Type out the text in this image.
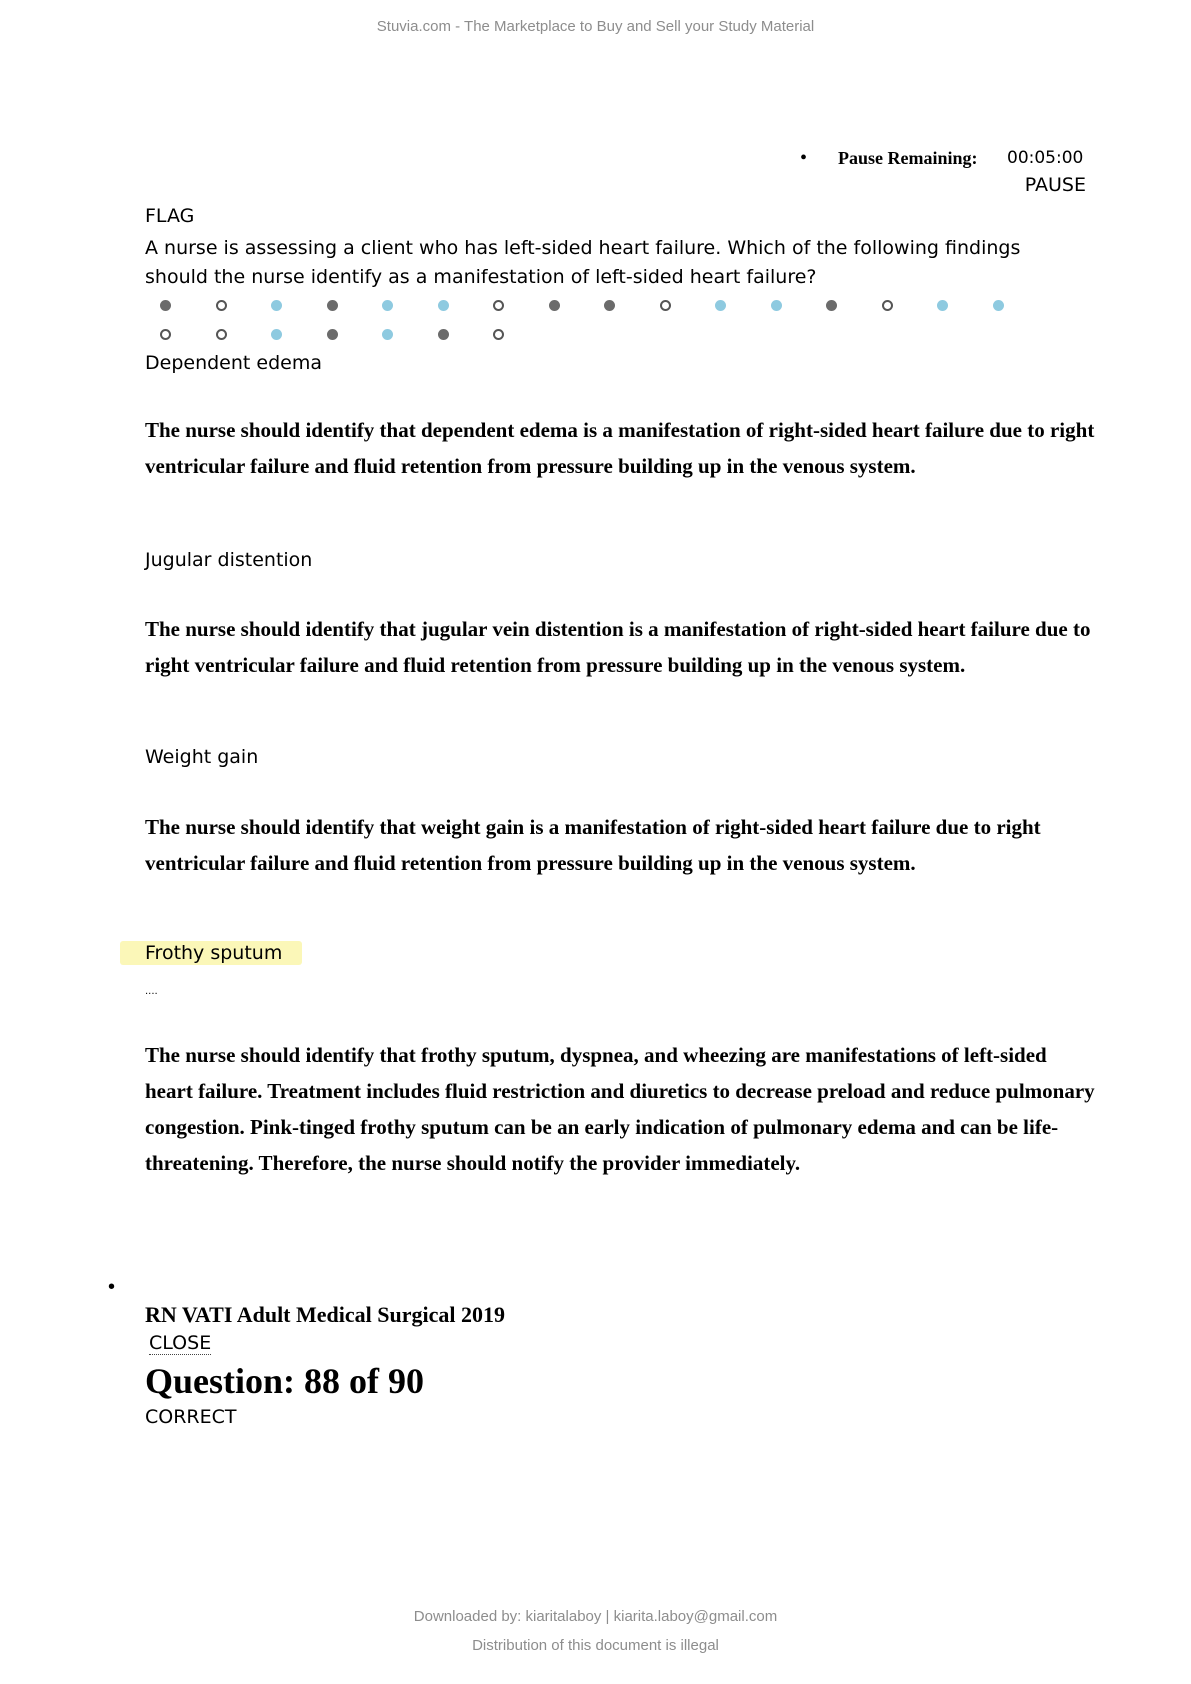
Stuvia.com - The Marketplace to Buy and Sell your Study Material
• Pause Remaining: 00:05:00
PAUSE
FLAG
A nurse is assessing a client who has left-sided heart failure. Which of the following findings should the nurse identify as a manifestation of left-sided heart failure?
Dependent edema
The nurse should identify that dependent edema is a manifestation of right-sided heart failure due to right ventricular failure and fluid retention from pressure building up in the venous system.
Jugular distention
The nurse should identify that jugular vein distention is a manifestation of right-sided heart failure due to right ventricular failure and fluid retention from pressure building up in the venous system.
Weight gain
The nurse should identify that weight gain is a manifestation of right-sided heart failure due to right ventricular failure and fluid retention from pressure building up in the venous system.
Frothy sputum
....
The nurse should identify that frothy sputum, dyspnea, and wheezing are manifestations of left-sided heart failure. Treatment includes fluid restriction and diuretics to decrease preload and reduce pulmonary congestion. Pink-tinged frothy sputum can be an early indication of pulmonary edema and can be life-threatening. Therefore, the nurse should notify the provider immediately.
•
RN VATI Adult Medical Surgical 2019
CLOSE
Question: 88 of 90
CORRECT
Downloaded by: kiaritalaboy | kiarita.laboy@gmail.com
Distribution of this document is illegal
